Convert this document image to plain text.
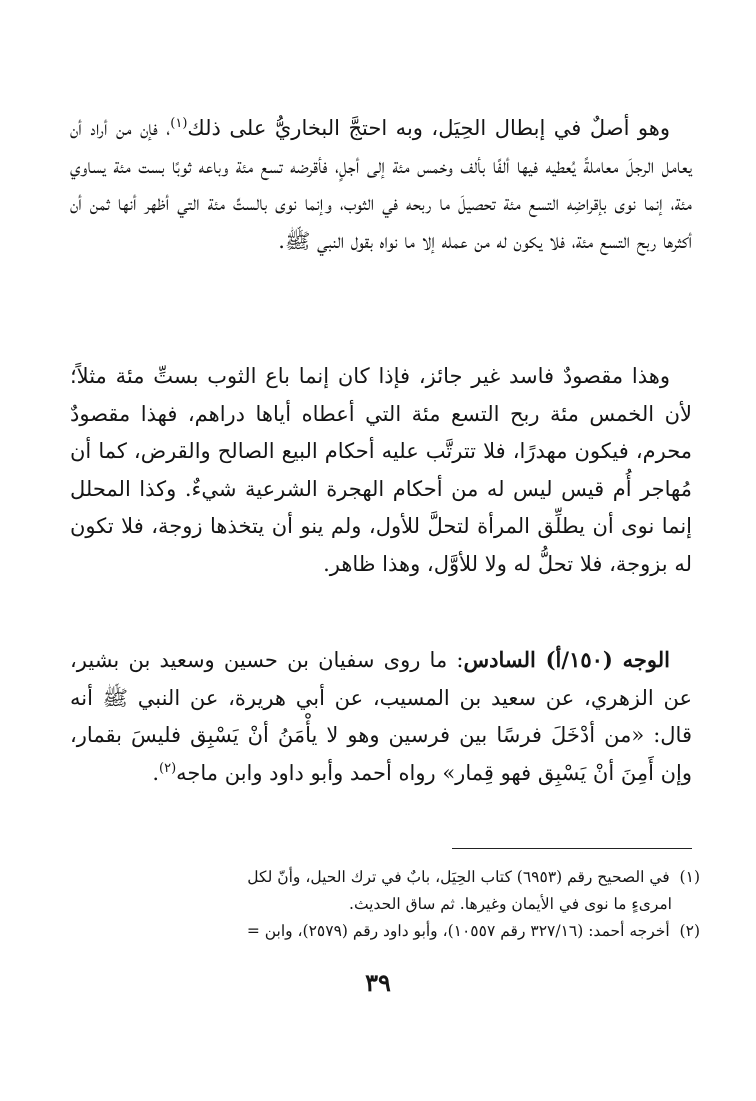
وهو أصلٌ في إبطال الحِيَل، وبه احتجَّ البخاريُّ على ذلك$^{(١)}$، فإن من أراد أن يعامل الرجلَ معاملةً يُعطيه فيها ألفًا بألف وخمس مئة إلى أجلٍ، فأقرضه تسع مئة وباعه ثوبًا بست مئة يساوي مئة، إنما نوى بإقراضِه التسع مئة تحصيلَ ما ربحه في الثوب، وإنما نوى بالستِّ مئة التي أظهر أنها ثمن أن أكثرها ربح التسع مئة، فلا يكون له من عمله إلا ما نواه بقول النبي ﷺ.

وهذا مقصودٌ فاسد غير جائز، فإذا كان إنما باع الثوب بستِّ مئة مثلاً؛ لأن الخمس مئة ربح التسع مئة التي أعطاه أياها دراهم، فهذا مقصودٌ محرم، فيكون مهدرًا، فلا تترتَّب عليه أحكام البيع الصالح والقرض، كما أن مُهاجر أُم قيس ليس له من أحكام الهجرة الشرعية شيءٌ. وكذا المحلل إنما نوى أن يطلِّق المرأة لتحلَّ للأول، ولم ينو أن يتخذها زوجة، فلا تكون له بزوجة، فلا تحلُّ له ولا للأوَّل، وهذا ظاهر.

الوجه (١٥٠/أ) السادس: ما روى سفيان بن حسين وسعيد بن بشير، عن الزهري، عن سعيد بن المسيب، عن أبي هريرة، عن النبي ﷺ أنه قال: «من أدْخَلَ فرسًا بين فرسين وهو لا يأْمَنُ أنْ يَسْبِق فليسَ بقمار، وإن أَمِنَ أنْ يَسْبِق فهو قِمار» رواه أحمد وأبو داود وابن ماجه$^{(٢)}$.

(١)  في الصحيح رقم (٦٩٥٣) كتاب الحِيَل، بابٌ في ترك الحيل، وأنّ لكل
امرىءٍ ما نوى في الأيمان وغيرها. ثم ساق الحديث.
(٢)  أخرجه أحمد: (٣٢٧/١٦ رقم ١٠٥٥٧)، وأبو داود رقم (٢٥٧٩)، وابن =
٣٩
